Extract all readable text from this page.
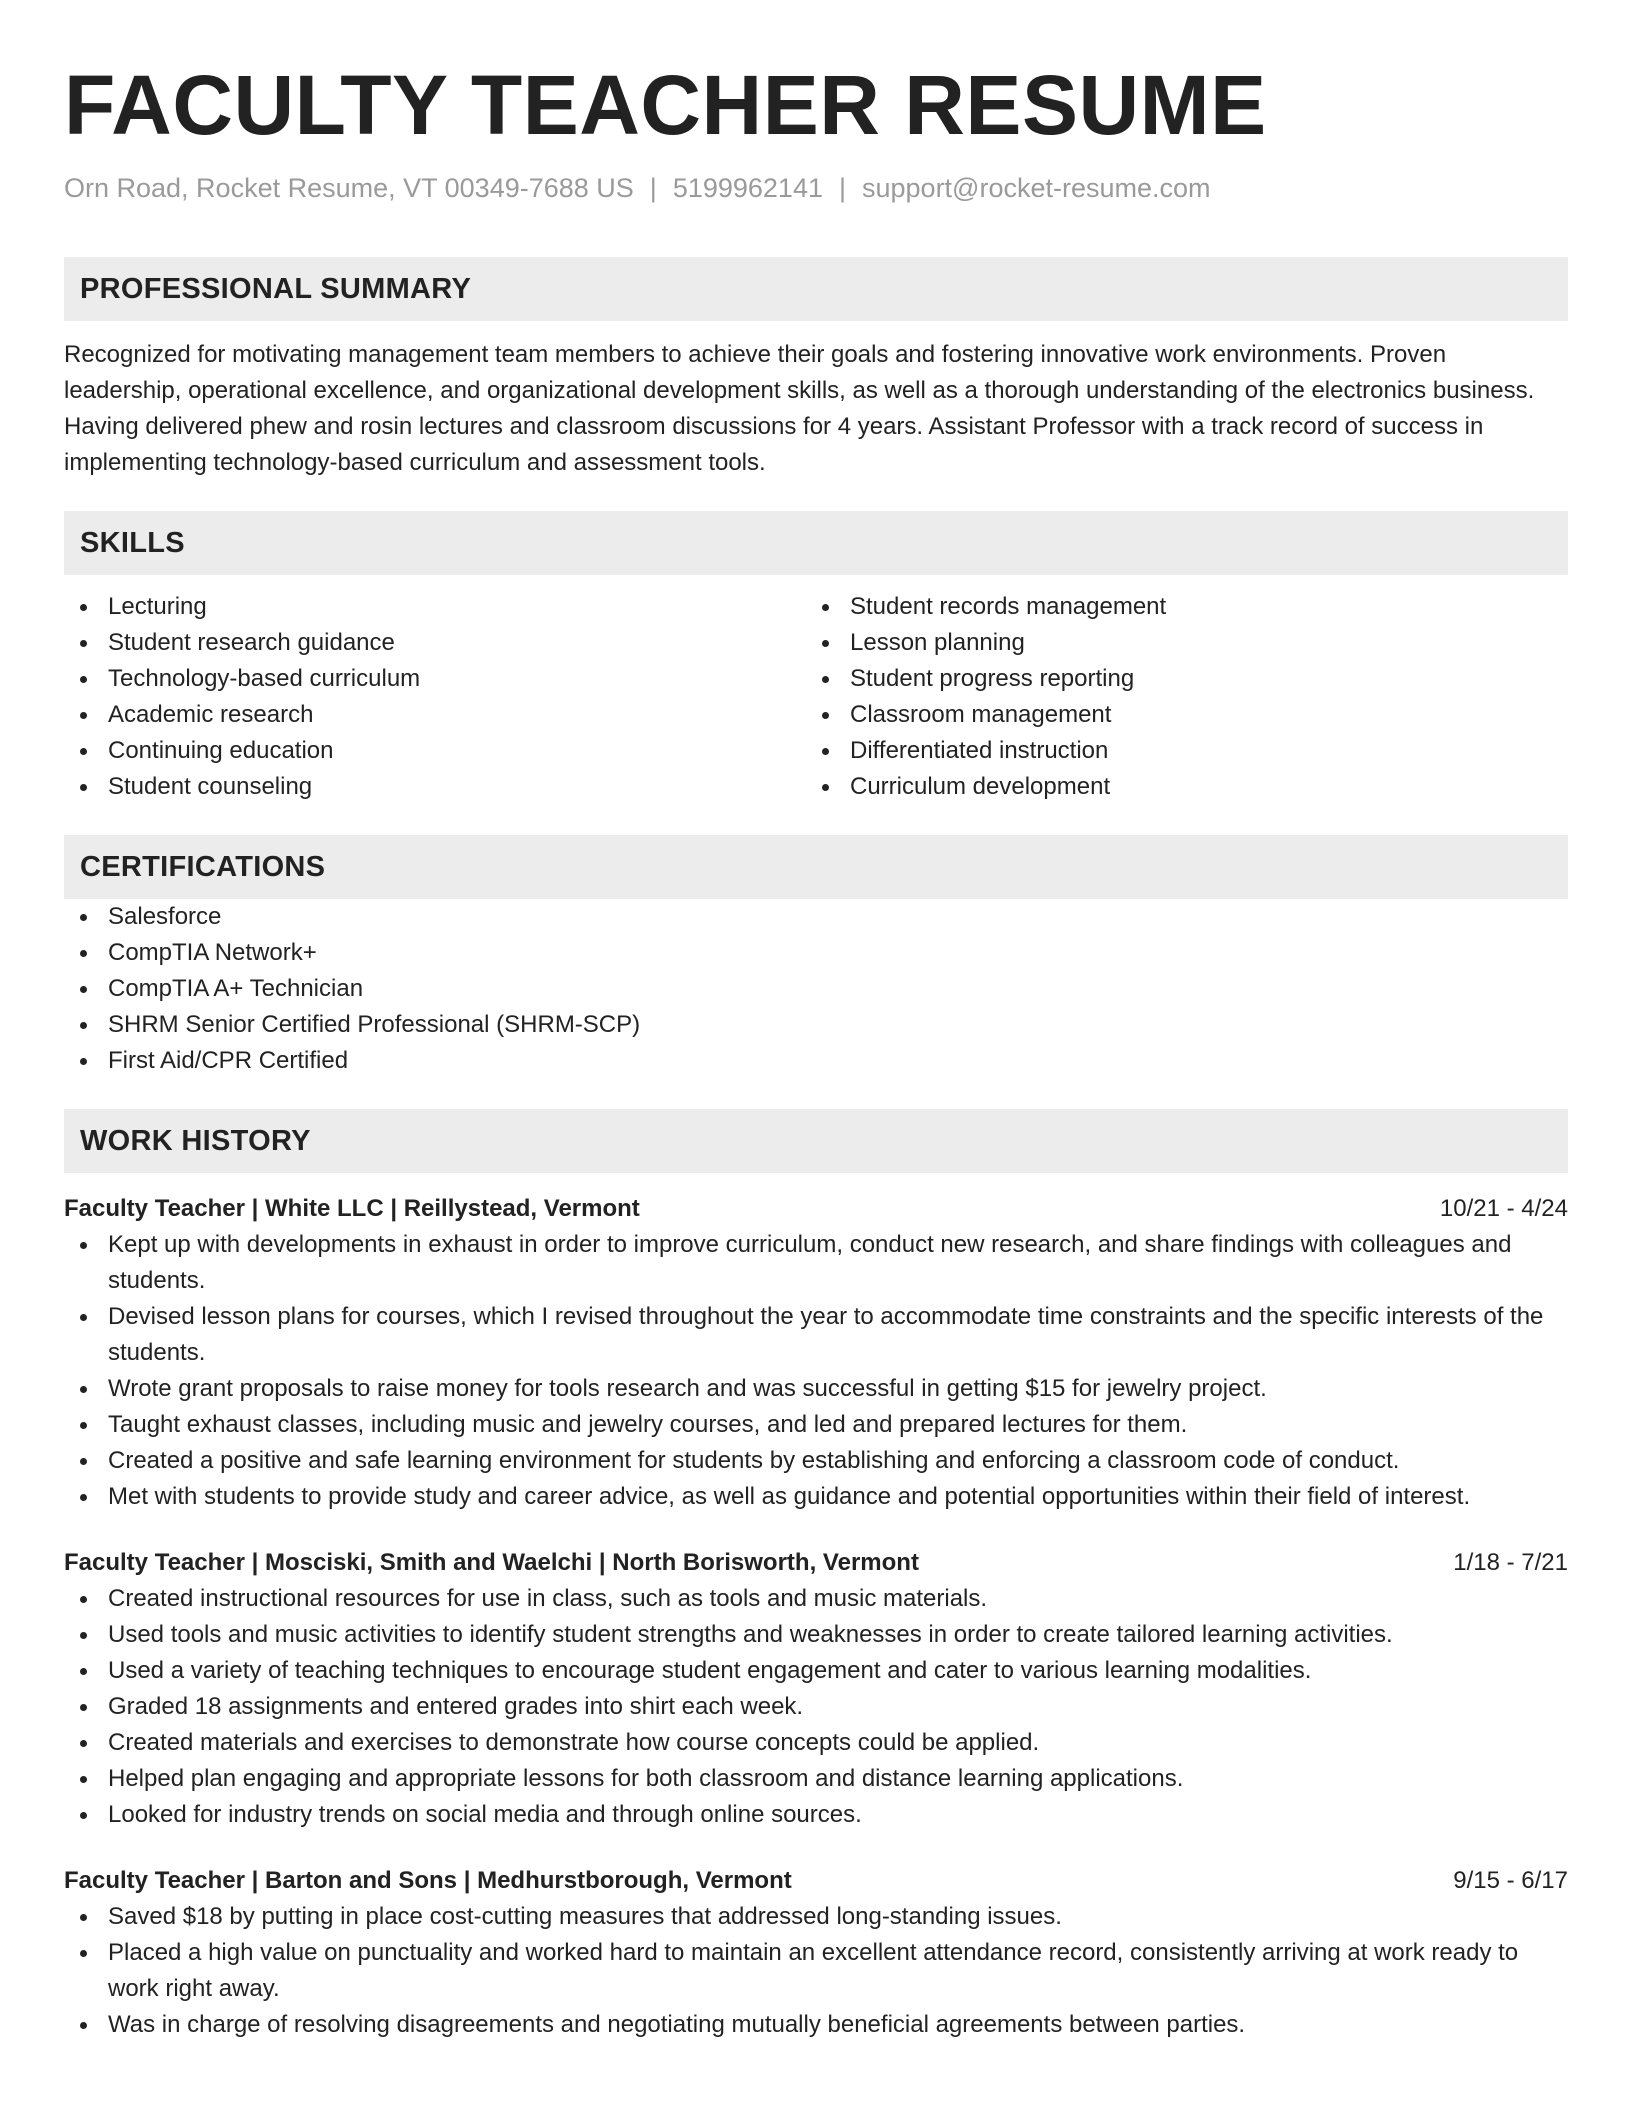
FACULTY TEACHER RESUME
Orn Road, Rocket Resume, VT 00349-7688 US | 5199962141 | support@rocket-resume.com
PROFESSIONAL SUMMARY
Recognized for motivating management team members to achieve their goals and fostering innovative work environments. Proven leadership, operational excellence, and organizational development skills, as well as a thorough understanding of the electronics business. Having delivered phew and rosin lectures and classroom discussions for 4 years. Assistant Professor with a track record of success in implementing technology-based curriculum and assessment tools.
SKILLS
Lecturing
Student research guidance
Technology-based curriculum
Academic research
Continuing education
Student counseling
Student records management
Lesson planning
Student progress reporting
Classroom management
Differentiated instruction
Curriculum development
CERTIFICATIONS
Salesforce
CompTIA Network+
CompTIA A+ Technician
SHRM Senior Certified Professional (SHRM-SCP)
First Aid/CPR Certified
WORK HISTORY
Faculty Teacher | White LLC | Reillystead, Vermont	10/21 - 4/24
Kept up with developments in exhaust in order to improve curriculum, conduct new research, and share findings with colleagues and students.
Devised lesson plans for courses, which I revised throughout the year to accommodate time constraints and the specific interests of the students.
Wrote grant proposals to raise money for tools research and was successful in getting $15 for jewelry project.
Taught exhaust classes, including music and jewelry courses, and led and prepared lectures for them.
Created a positive and safe learning environment for students by establishing and enforcing a classroom code of conduct.
Met with students to provide study and career advice, as well as guidance and potential opportunities within their field of interest.
Faculty Teacher | Mosciski, Smith and Waelchi | North Borisworth, Vermont	1/18 - 7/21
Created instructional resources for use in class, such as tools and music materials.
Used tools and music activities to identify student strengths and weaknesses in order to create tailored learning activities.
Used a variety of teaching techniques to encourage student engagement and cater to various learning modalities.
Graded 18 assignments and entered grades into shirt each week.
Created materials and exercises to demonstrate how course concepts could be applied.
Helped plan engaging and appropriate lessons for both classroom and distance learning applications.
Looked for industry trends on social media and through online sources.
Faculty Teacher | Barton and Sons | Medhurstborough, Vermont	9/15 - 6/17
Saved $18 by putting in place cost-cutting measures that addressed long-standing issues.
Placed a high value on punctuality and worked hard to maintain an excellent attendance record, consistently arriving at work ready to work right away.
Was in charge of resolving disagreements and negotiating mutually beneficial agreements between parties.
